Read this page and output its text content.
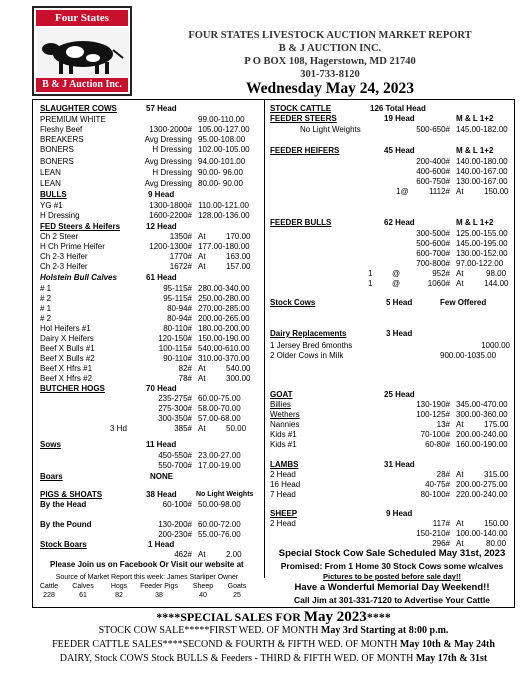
Four States
B & J Auction Inc.
FOUR STATES LIVESTOCK AUCTION MARKET REPORT
B & J AUCTION INC.
P O BOX 108, Hagerstown, MD 21740
301-733-8120
Wednesday May 24, 2023
SLAUGHTER COWS	57 Head
PREMIUM WHITE	99.00-110.00
Fleshy Beef	1300-2000# 105.00-127.00
BREAKERS	Avg Dressing 95.00-108.00
BONERS	H Dressing 102.00-105.00
BONERS	Avg Dressing 94.00-101.00
LEAN	H Dressing 90.00- 96.00
LEAN	Avg Dressing 80.00- 90.00
BULLS	9 Head
YG #1	1300-1800# 110.00-121.00
H Dressing	1600-2200# 128.00-136.00
FED Steers & Heifers	12 Head
Ch 2 Steer	1350# At	170.00
H Ch Prime Heifer	1200-1300# 177.00-180.00
Ch 2-3 Heifer	1770# At	163.00
Ch 2-3 Heifer	1672# At	157.00
Holstein Bull Calves	61 Head
# 1	95-115# 280.00-340.00
# 2	95-115# 250.00-280.00
# 1	80-94# 270.00-285.00
# 2	80-94# 200.00-265.00
Hol Heifers #1	80-110# 180.00-200.00
Dairy X Heifers	120-150# 150.00-190.00
Beef X Bulls #1	100-115# 540.00-610.00
Beef X Bulls #2	90-110# 310.00-370.00
Beef X Hfrs #1	82# At	540.00
Beef X Hfrs #2	78# At	300.00
BUTCHER HOGS	70 Head
235-275# 60.00-75.00
275-300# 58.00-70.00
300-350# 57.00-68.00
3 Hd	385# At	50.00
Sows	11 Head
450-550# 23.00-27.00
550-700# 17.00-19.00
Boars	NONE
PIGS & SHOATS	38 Head	No Light Weights
By the Head	60-100# 50.00-98.00
By the Pound	130-200# 60.00-72.00
200-230# 55.00-76.00
Stock Boars	1 Head
462# At	2.00
Please Join us on Facebook Or Visit our website at
Source of Market Report this week: James Starliper Owner
Cattle	Calves	Hogs	Feeder Pigs	Sheep	Goats
228	61	82	38	40	25
STOCK CATTLE	126 Total Head
FEEDER STEERS	19 Head	M & L 1+2
No Light Weights	500-650# 145.00-182.00
FEEDER HEIFERS	45 Head	M & L 1+2
200-400# 140.00-180.00
400-600# 140.00-167.00
600-750# 130.00-167.00
1@	1112# At	150.00
FEEDER BULLS	62 Head	M & L 1+2
300-500# 125.00-155.00
500-600# 145.00-195.00
600-700# 130.00-152.00
700-800# 97.00-122.00
1 @	952# At	98.00
1 @	1060# At	144.00
Stock Cows	5 Head	Few Offered
Dairy Replacements	3 Head
1 Jersey Bred 6months	1000.00
2 Older Cows in Milk	900.00-1035.00
GOAT	25 Head
Billies	130-190# 345.00-470.00
Wethers	100-125# 300.00-360.00
Nannies	13# At	175.00
Kids #1	70-100# 200.00-240.00
Kids #1	60-80# 160.00-190.00
LAMBS	31 Head
2 Head	28# At	315.00
16 Head	40-75# 200.00-275.00
7 Head	80-100# 220.00-240.00
SHEEP	9 Head
2 Head	117# At	150.00
150-210# 100.00-140.00
296# At	80.00
Special Stock Cow Sale Scheduled May 31st, 2023
Promised: From 1 Home 30 Stock Cows some w/calves
Pictures to be posted before sale day!!
Have a Wonderful Memorial Day Weekend!!
Call Jim at 301-331-7120 to Advertise Your Cattle
****SPECIAL SALES FOR May 2023****
STOCK COW SALE*****FIRST WED. OF MONTH May 3rd Starting at 8:00 p.m.
FEEDER CATTLE SALES****SECOND & FOURTH & FIFTH WED. OF MONTH May 10th & May 24th
DAIRY, Stock COWS Stock BULLS & Feeders - THIRD & FIFTH WED. OF MONTH May 17th & 31st
